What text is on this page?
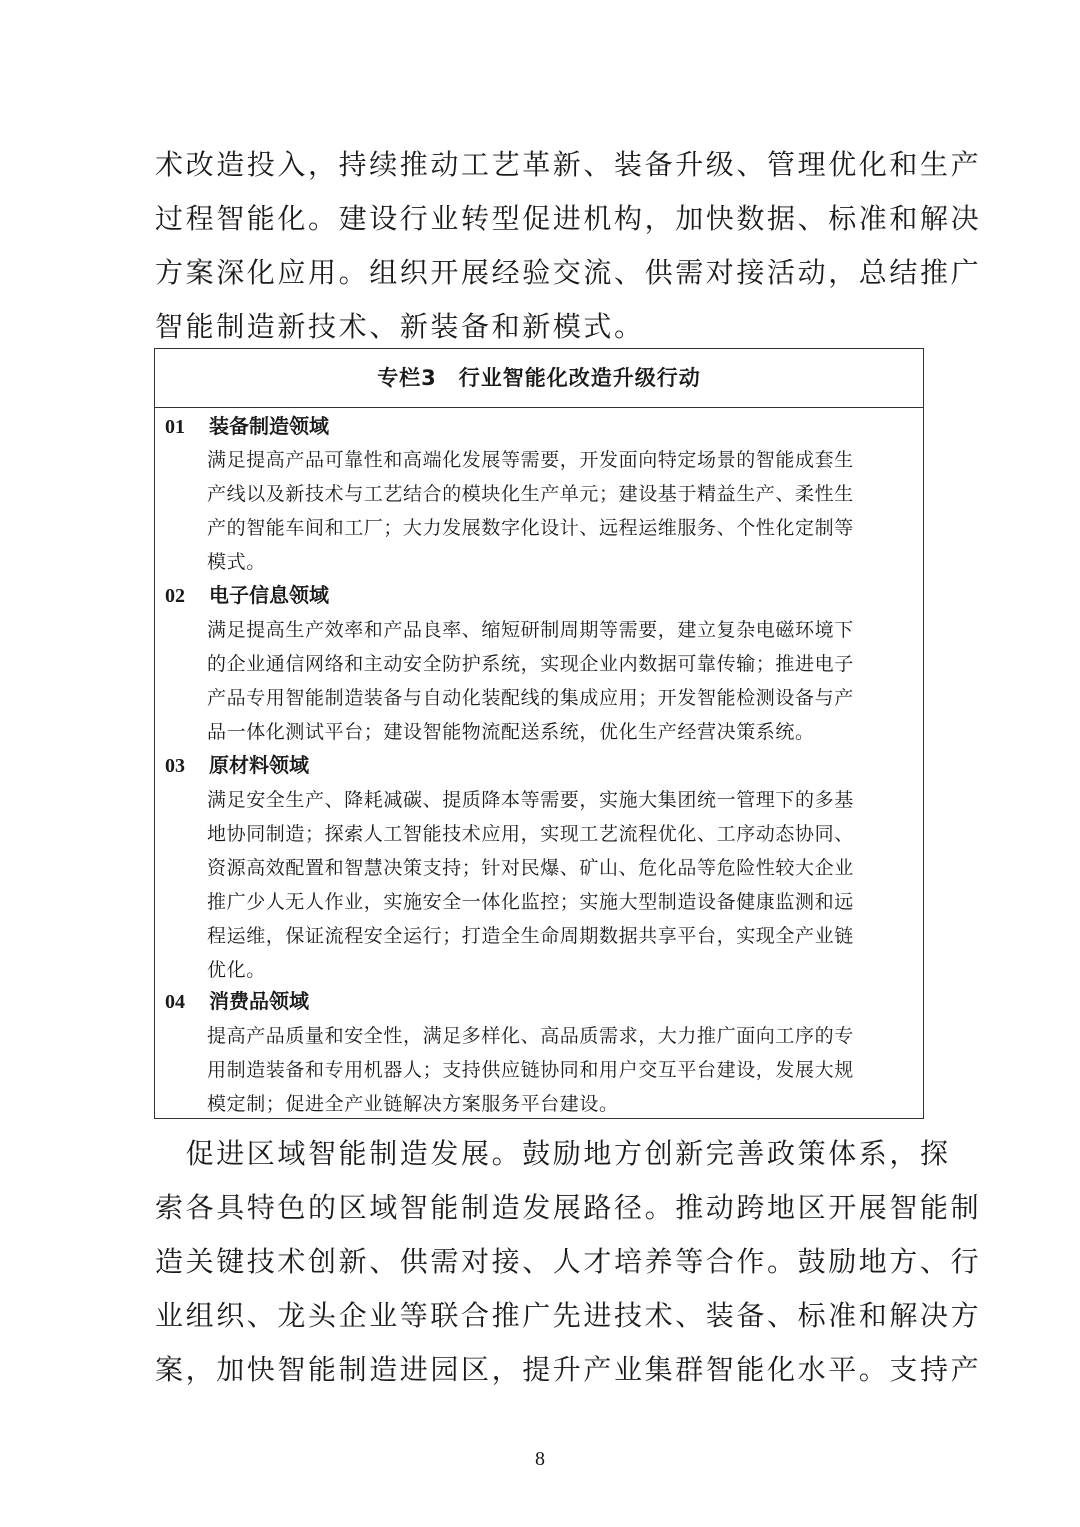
术改造投入，持续推动工艺革新、装备升级、管理优化和生产
过程智能化。建设行业转型促进机构，加快数据、标准和解决
方案深化应用。组织开展经验交流、供需对接活动，总结推广
智能制造新技术、新装备和新模式。
专栏3　行业智能化改造升级行动
01 装备制造领域
满足提高产品可靠性和高端化发展等需要，开发面向特定场景的智能成套生
产线以及新技术与工艺结合的模块化生产单元；建设基于精益生产、柔性生
产的智能车间和工厂；大力发展数字化设计、远程运维服务、个性化定制等
模式。
02 电子信息领域
满足提高生产效率和产品良率、缩短研制周期等需要，建立复杂电磁环境下
的企业通信网络和主动安全防护系统，实现企业内数据可靠传输；推进电子
产品专用智能制造装备与自动化装配线的集成应用；开发智能检测设备与产
品一体化测试平台；建设智能物流配送系统，优化生产经营决策系统。
03 原材料领域
满足安全生产、降耗减碳、提质降本等需要，实施大集团统一管理下的多基
地协同制造；探索人工智能技术应用，实现工艺流程优化、工序动态协同、
资源高效配置和智慧决策支持；针对民爆、矿山、危化品等危险性较大企业
推广少人无人作业，实施安全一体化监控；实施大型制造设备健康监测和远
程运维，保证流程安全运行；打造全生命周期数据共享平台，实现全产业链
优化。
04 消费品领域
提高产品质量和安全性，满足多样化、高品质需求，大力推广面向工序的专
用制造装备和专用机器人；支持供应链协同和用户交互平台建设，发展大规
模定制；促进全产业链解决方案服务平台建设。
　促进区域智能制造发展。鼓励地方创新完善政策体系，探
索各具特色的区域智能制造发展路径。推动跨地区开展智能制
造关键技术创新、供需对接、人才培养等合作。鼓励地方、行
业组织、龙头企业等联合推广先进技术、装备、标准和解决方
案，加快智能制造进园区，提升产业集群智能化水平。支持产
8
